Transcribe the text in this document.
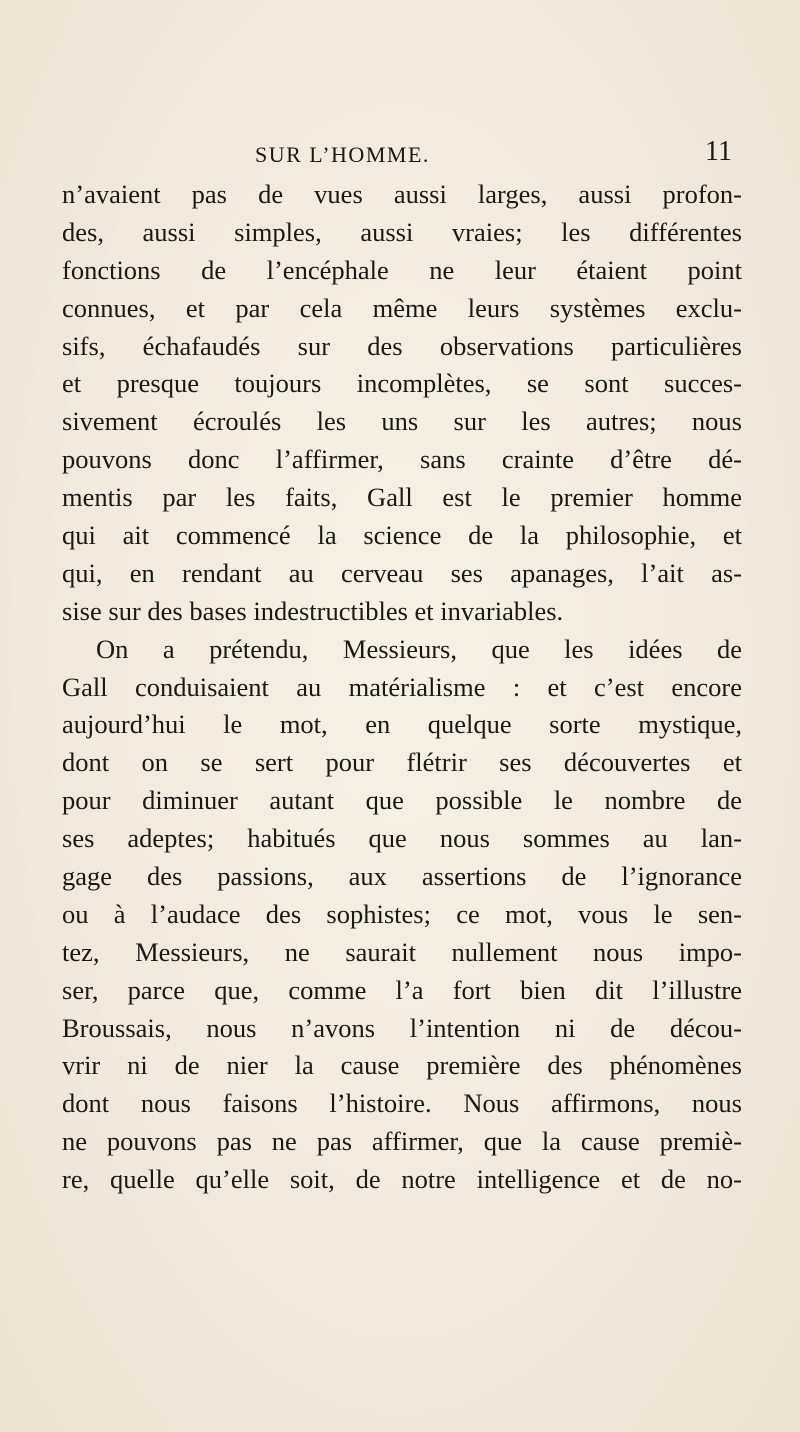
SUR L’HOMME.	11
n’avaient pas de vues aussi larges, aussi profon-
des, aussi simples, aussi vraies; les différentes
fonctions de l’encéphale ne leur étaient point
connues, et par cela même leurs systèmes exclu-
sifs, échafaudés sur des observations particulières
et presque toujours incomplètes, se sont succes-
sivement écroulés les uns sur les autres; nous
pouvons donc l’affirmer, sans crainte d’être dé-
mentis par les faits, Gall est le premier homme
qui ait commencé la science de la philosophie, et
qui, en rendant au cerveau ses apanages, l’ait as-
sise sur des bases indestructibles et invariables.
On a prétendu, Messieurs, que les idées de
Gall conduisaient au matérialisme : et c’est encore
aujourd’hui le mot, en quelque sorte mystique,
dont on se sert pour flétrir ses découvertes et
pour diminuer autant que possible le nombre de
ses adeptes; habitués que nous sommes au lan-
gage des passions, aux assertions de l’ignorance
ou à l’audace des sophistes; ce mot, vous le sen-
tez, Messieurs, ne saurait nullement nous impo-
ser, parce que, comme l’a fort bien dit l’illustre
Broussais, nous n’avons l’intention ni de décou-
vrir ni de nier la cause première des phénomènes
dont nous faisons l’histoire. Nous affirmons, nous
ne pouvons pas ne pas affirmer, que la cause premiè-
re, quelle qu’elle soit, de notre intelligence et de no-
